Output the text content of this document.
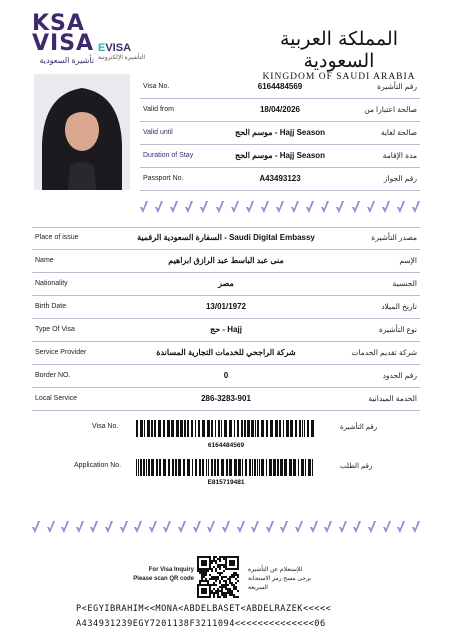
KSA
VISA
تأشيرة السعودية
EVISA
التأشيرة الإلكترونية
المملكة العربية السعودية
KINGDOM OF SAUDI ARABIA
Visa No.	6164484569	رقم التأشيرة
Valid from	18/04/2026	صالحة اعتبارا من
Valid until	موسم الحج - Hajj Season	صالحة لغاية
Duration of Stay	موسم الحج - Hajj Season	مدة الإقامة
Passport No.	A43493123	رقم الجواز
Place of issue	السفارة السعودية الرقمية - Saudi Digital Embassy	مصدر التأشيرة
Name	منى عبد الباسط عبد الرازق ابراهيم	الإسم
Nationality	مصر	الجنسية
Birth Date	13/01/1972	تاريخ الميلاد
Type Of Visa	حج - Hajj	نوع التأشيرة
Service Provider	شركة الراجحي للخدمات التجارية المساندة	شركة تقديم الخدمات
Border NO.	0	رقم الحدود
Local Service	286-3283-901	الخدمة الميدانية
Visa No.	رقم التأشيرة
6164484569
Application No.	رقم الطلب
E815719481
For Visa Inquiry
Please scan QR code
للإستعلام عن التأشيرة
يرجى مسح رمز الاستجابة السريعة
P<EGYIBRAHIM<<MONA<ABDELBASET<ABDELRAZEK<<<<<
A434931239EGY7201138F3211094<<<<<<<<<<<<<<06
